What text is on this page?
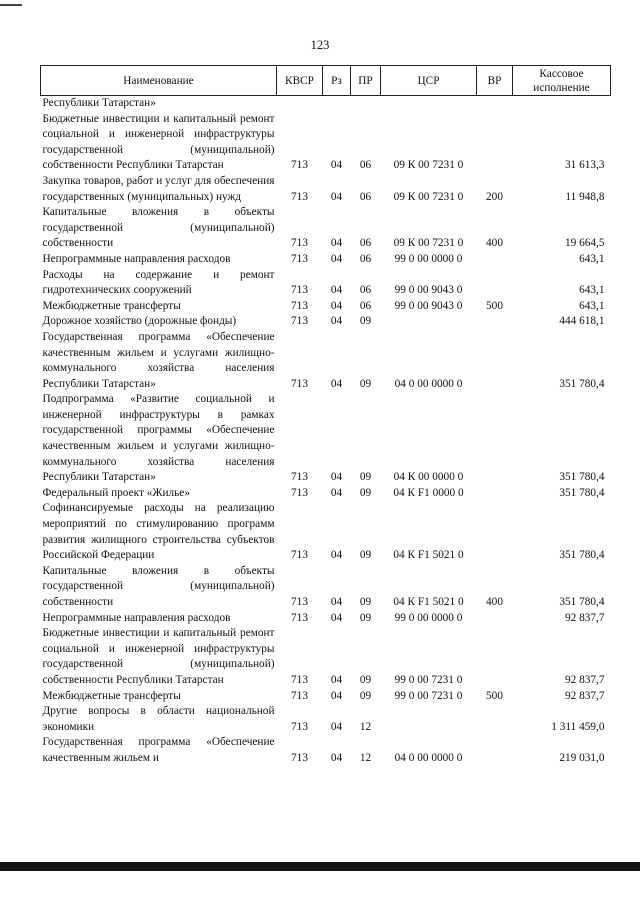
123
Наименование	КВСР	Рз	ПР	ЦСР	ВР	Кассовое
исполнение
Республики Татарстан»						
Бюджетные инвестиции и капитальный ремонт социальной и инженерной инфраструктуры государственной (муниципальной) собственности Республики Татарстан	713	04	06	09 К 00 7231 0		31 613,3
Закупка товаров, работ и услуг для обеспечения государственных (муниципальных) нужд	713	04	06	09 К 00 7231 0	200	11 948,8
Капитальные вложения в объекты государственной (муниципальной) собственности	713	04	06	09 К 00 7231 0	400	19 664,5
Непрограммные направления расходов	713	04	06	99 0 00 0000 0		643,1
Расходы на содержание и ремонт гидротехнических сооружений	713	04	06	99 0 00 9043 0		643,1
Межбюджетные трансферты	713	04	06	99 0 00 9043 0	500	643,1
Дорожное хозяйство (дорожные фонды)	713	04	09			444 618,1
Государственная программа «Обеспечение качественным жильем и услугами жилищно-коммунального хозяйства населения Республики Татарстан»	713	04	09	04 0 00 0000 0		351 780,4
Подпрограмма «Развитие социальной и инженерной инфраструктуры в рамках государственной программы «Обеспечение качественным жильем и услугами жилищно-коммунального хозяйства населения Республики Татарстан»	713	04	09	04 К 00 0000 0		351 780,4
Федеральный проект «Жилье»	713	04	09	04 К F1 0000 0		351 780,4
Софинансируемые расходы на реализацию мероприятий по стимулированию программ развития жилищного строительства субъектов Российской Федерации	713	04	09	04 К F1 5021 0		351 780,4
Капитальные вложения в объекты государственной (муниципальной) собственности	713	04	09	04 К F1 5021 0	400	351 780,4
Непрограммные направления расходов	713	04	09	99 0 00 0000 0		92 837,7
Бюджетные инвестиции и капитальный ремонт социальной и инженерной инфраструктуры государственной (муниципальной) собственности Республики Татарстан	713	04	09	99 0 00 7231 0		92 837,7
Межбюджетные трансферты	713	04	09	99 0 00 7231 0	500	92 837,7
Другие вопросы в области национальной экономики	713	04	12			1 311 459,0
Государственная программа «Обеспечение качественным жильем и	713	04	12	04 0 00 0000 0		219 031,0
